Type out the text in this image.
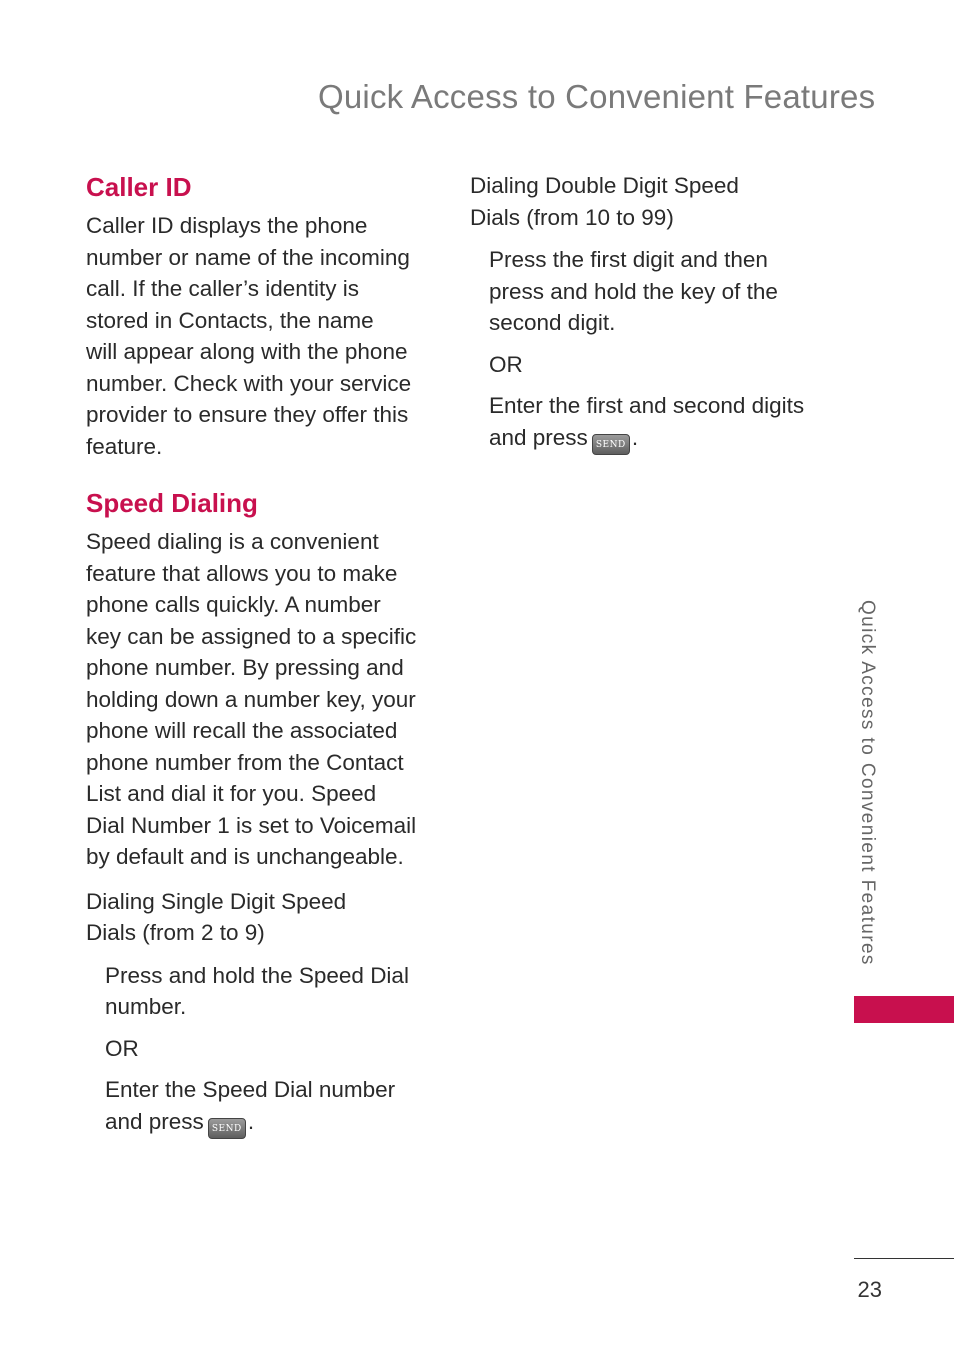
Quick Access to Convenient Features
Caller ID

Caller ID displays the phone

number or name of the incoming

call. If the caller’s identity is

stored in Contacts, the name

will appear along with the phone

number. Check with your service

provider to ensure they offer this

feature.

Speed Dialing

Speed dialing is a convenient

feature that allows you to make

phone calls quickly. A number

key can be assigned to a specific

phone number. By pressing and

holding down a number key, your

phone will recall the associated

phone number from the Contact

List and dial it for you. Speed

Dial Number 1 is set to Voicemail

by default and is unchangeable.

Dialing Single Digit Speed

Dials (from 2 to 9)

Press and hold the Speed Dial

number.

OR

Enter the Speed Dial number

and press SEND .

Dialing Double Digit Speed

Dials (from 10 to 99)

Press the first digit and then

press and hold the key of the

second digit.

OR

Enter the first and second digits

and press SEND .

Quick Access to Convenient Features
23
